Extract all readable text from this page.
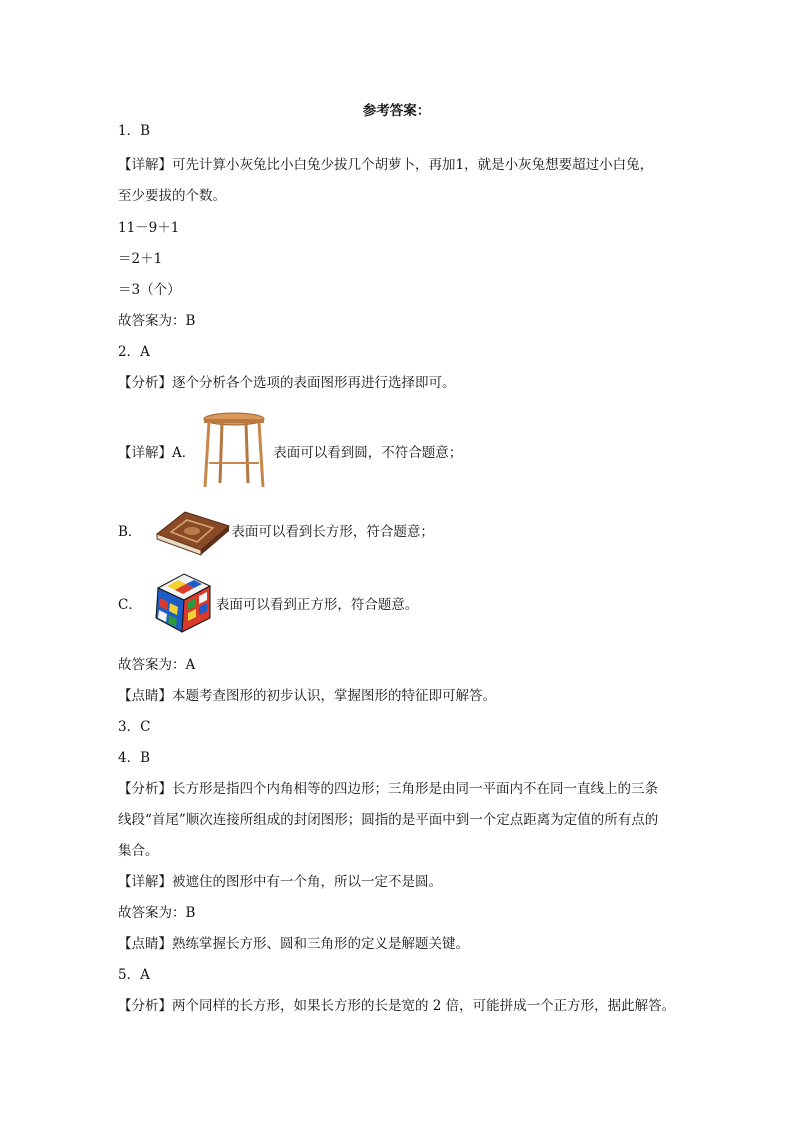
参考答案：
1．B
【详解】可先计算小灰兔比小白兔少拔几个胡萝卜，再加1，就是小灰兔想要超过小白兔，
至少要拔的个数。
11－9＋1
＝2＋1
＝3（个）
故答案为：B
2．A
【分析】逐个分析各个选项的表面图形再进行选择即可。
【详解】A．	表面可以看到圆，不符合题意；
B．	表面可以看到长方形，符合题意；
C．	表面可以看到正方形，符合题意。
故答案为：A
【点睛】本题考查图形的初步认识，掌握图形的特征即可解答。
3．C
4．B
【分析】长方形是指四个内角相等的四边形；三角形是由同一平面内不在同一直线上的三条
线段“首尾”顺次连接所组成的封闭图形；圆指的是平面中到一个定点距离为定值的所有点的
集合。
【详解】被遮住的图形中有一个角，所以一定不是圆。
故答案为：B
【点睛】熟练掌握长方形、圆和三角形的定义是解题关键。
5．A
【分析】两个同样的长方形，如果长方形的长是宽的 2 倍，可能拼成一个正方形，据此解答。
